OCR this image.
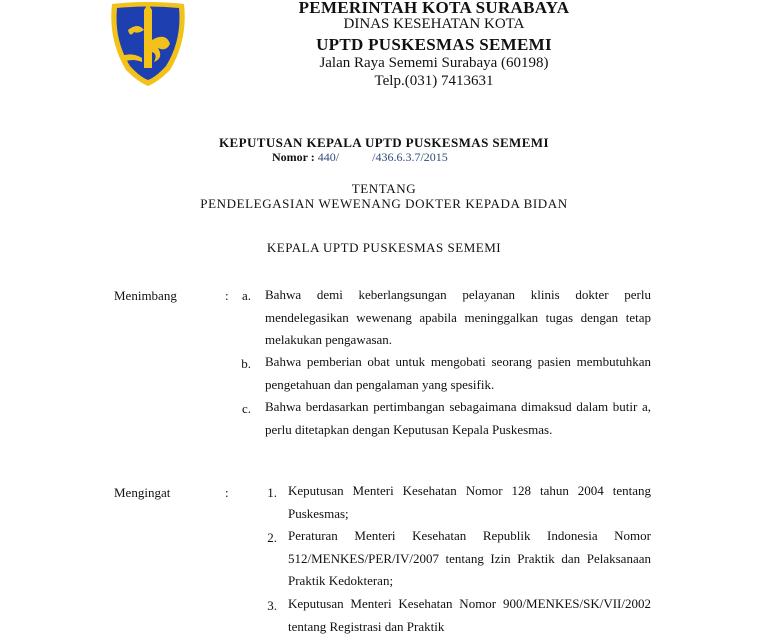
PEMERINTAH KOTA SURABAYA
DINAS KESEHATAN KOTA
UPTD PUSKESMAS SEMEMI
Jalan Raya Sememi Surabaya (60198)
Telp.(031) 7413631
KEPUTUSAN KEPALA UPTD PUSKESMAS SEMEMI
Nomor : 440/           /436.6.3.7/2015
TENTANG
PENDELEGASIAN WEWENANG DOKTER KEPADA BIDAN
KEPALA UPTD PUSKESMAS SEMEMI
Menimbang	:	a. Bahwa demi keberlangsungan pelayanan klinis dokter perlu mendelegasikan wewenang apabila meninggalkan tugas dengan tetap melakukan pengawasan.
b. Bahwa pemberian obat untuk mengobati seorang pasien membutuhkan pengetahuan dan pengalaman yang spesifik.
c. Bahwa berdasarkan pertimbangan sebagaimana dimaksud dalam butir a, perlu ditetapkan dengan Keputusan Kepala Puskesmas.
Mengingat	:	1. Keputusan Menteri Kesehatan Nomor 128 tahun 2004 tentang Puskesmas;
2. Peraturan Menteri Kesehatan Republik Indonesia Nomor 512/MENKES/PER/IV/2007 tentang Izin Praktik dan Pelaksanaan Praktik Kedokteran;
3. Keputusan Menteri Kesehatan Nomor 900/MENKES/SK/VII/2002 tentang Registrasi dan Praktik
